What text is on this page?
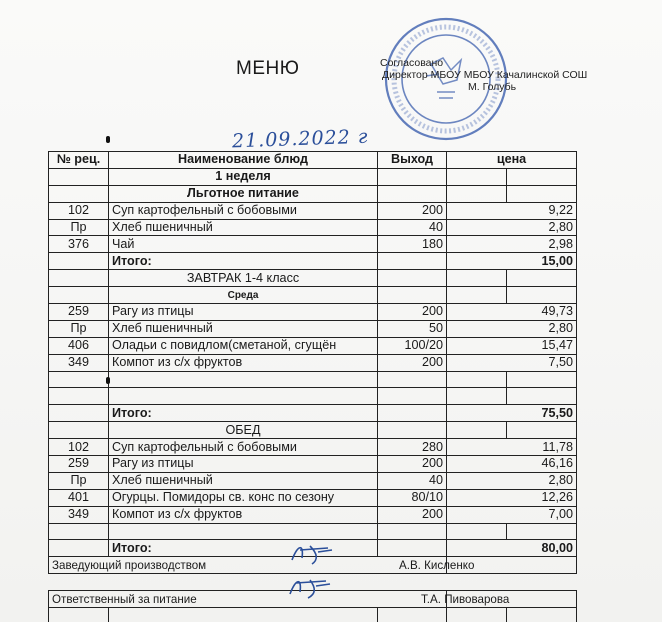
МЕНЮ	Согласовано
Директор МБОУ МБОУ Качалинской СОШ
М. Голубь
21.09.2022 г
№ рец.	Наименование блюд	Выход	цена
	1 неделя			
	Льготное питание			
102	Суп картофельный с бобовыми	200	9,22
Пр	Хлеб пшеничный	40	2,80
376	Чай	180	2,98
	Итого:		15,00
	ЗАВТРАК 1-4 класс			
	Среда			
259	Рагу из птицы	200	49,73
Пр	Хлеб пшеничный	50	2,80
406	Оладьи с повидлом(сметаной, сгущён	100/20	15,47
349	Компот из с/х фруктов	200	7,50

	Итого:		75,50
	ОБЕД			
102	Суп картофельный с бобовыми	280	11,78
259	Рагу из птицы	200	46,16
Пр	Хлеб пшеничный	40	2,80
401	Огурцы. Помидоры св. конс по сезону	80/10	12,26
349	Компот из с/х фруктов	200	7,00

	Итого:		80,00
Заведующий производством	А.В. Кисленко

Ответственный за питание	Т.А. Пивоварова
